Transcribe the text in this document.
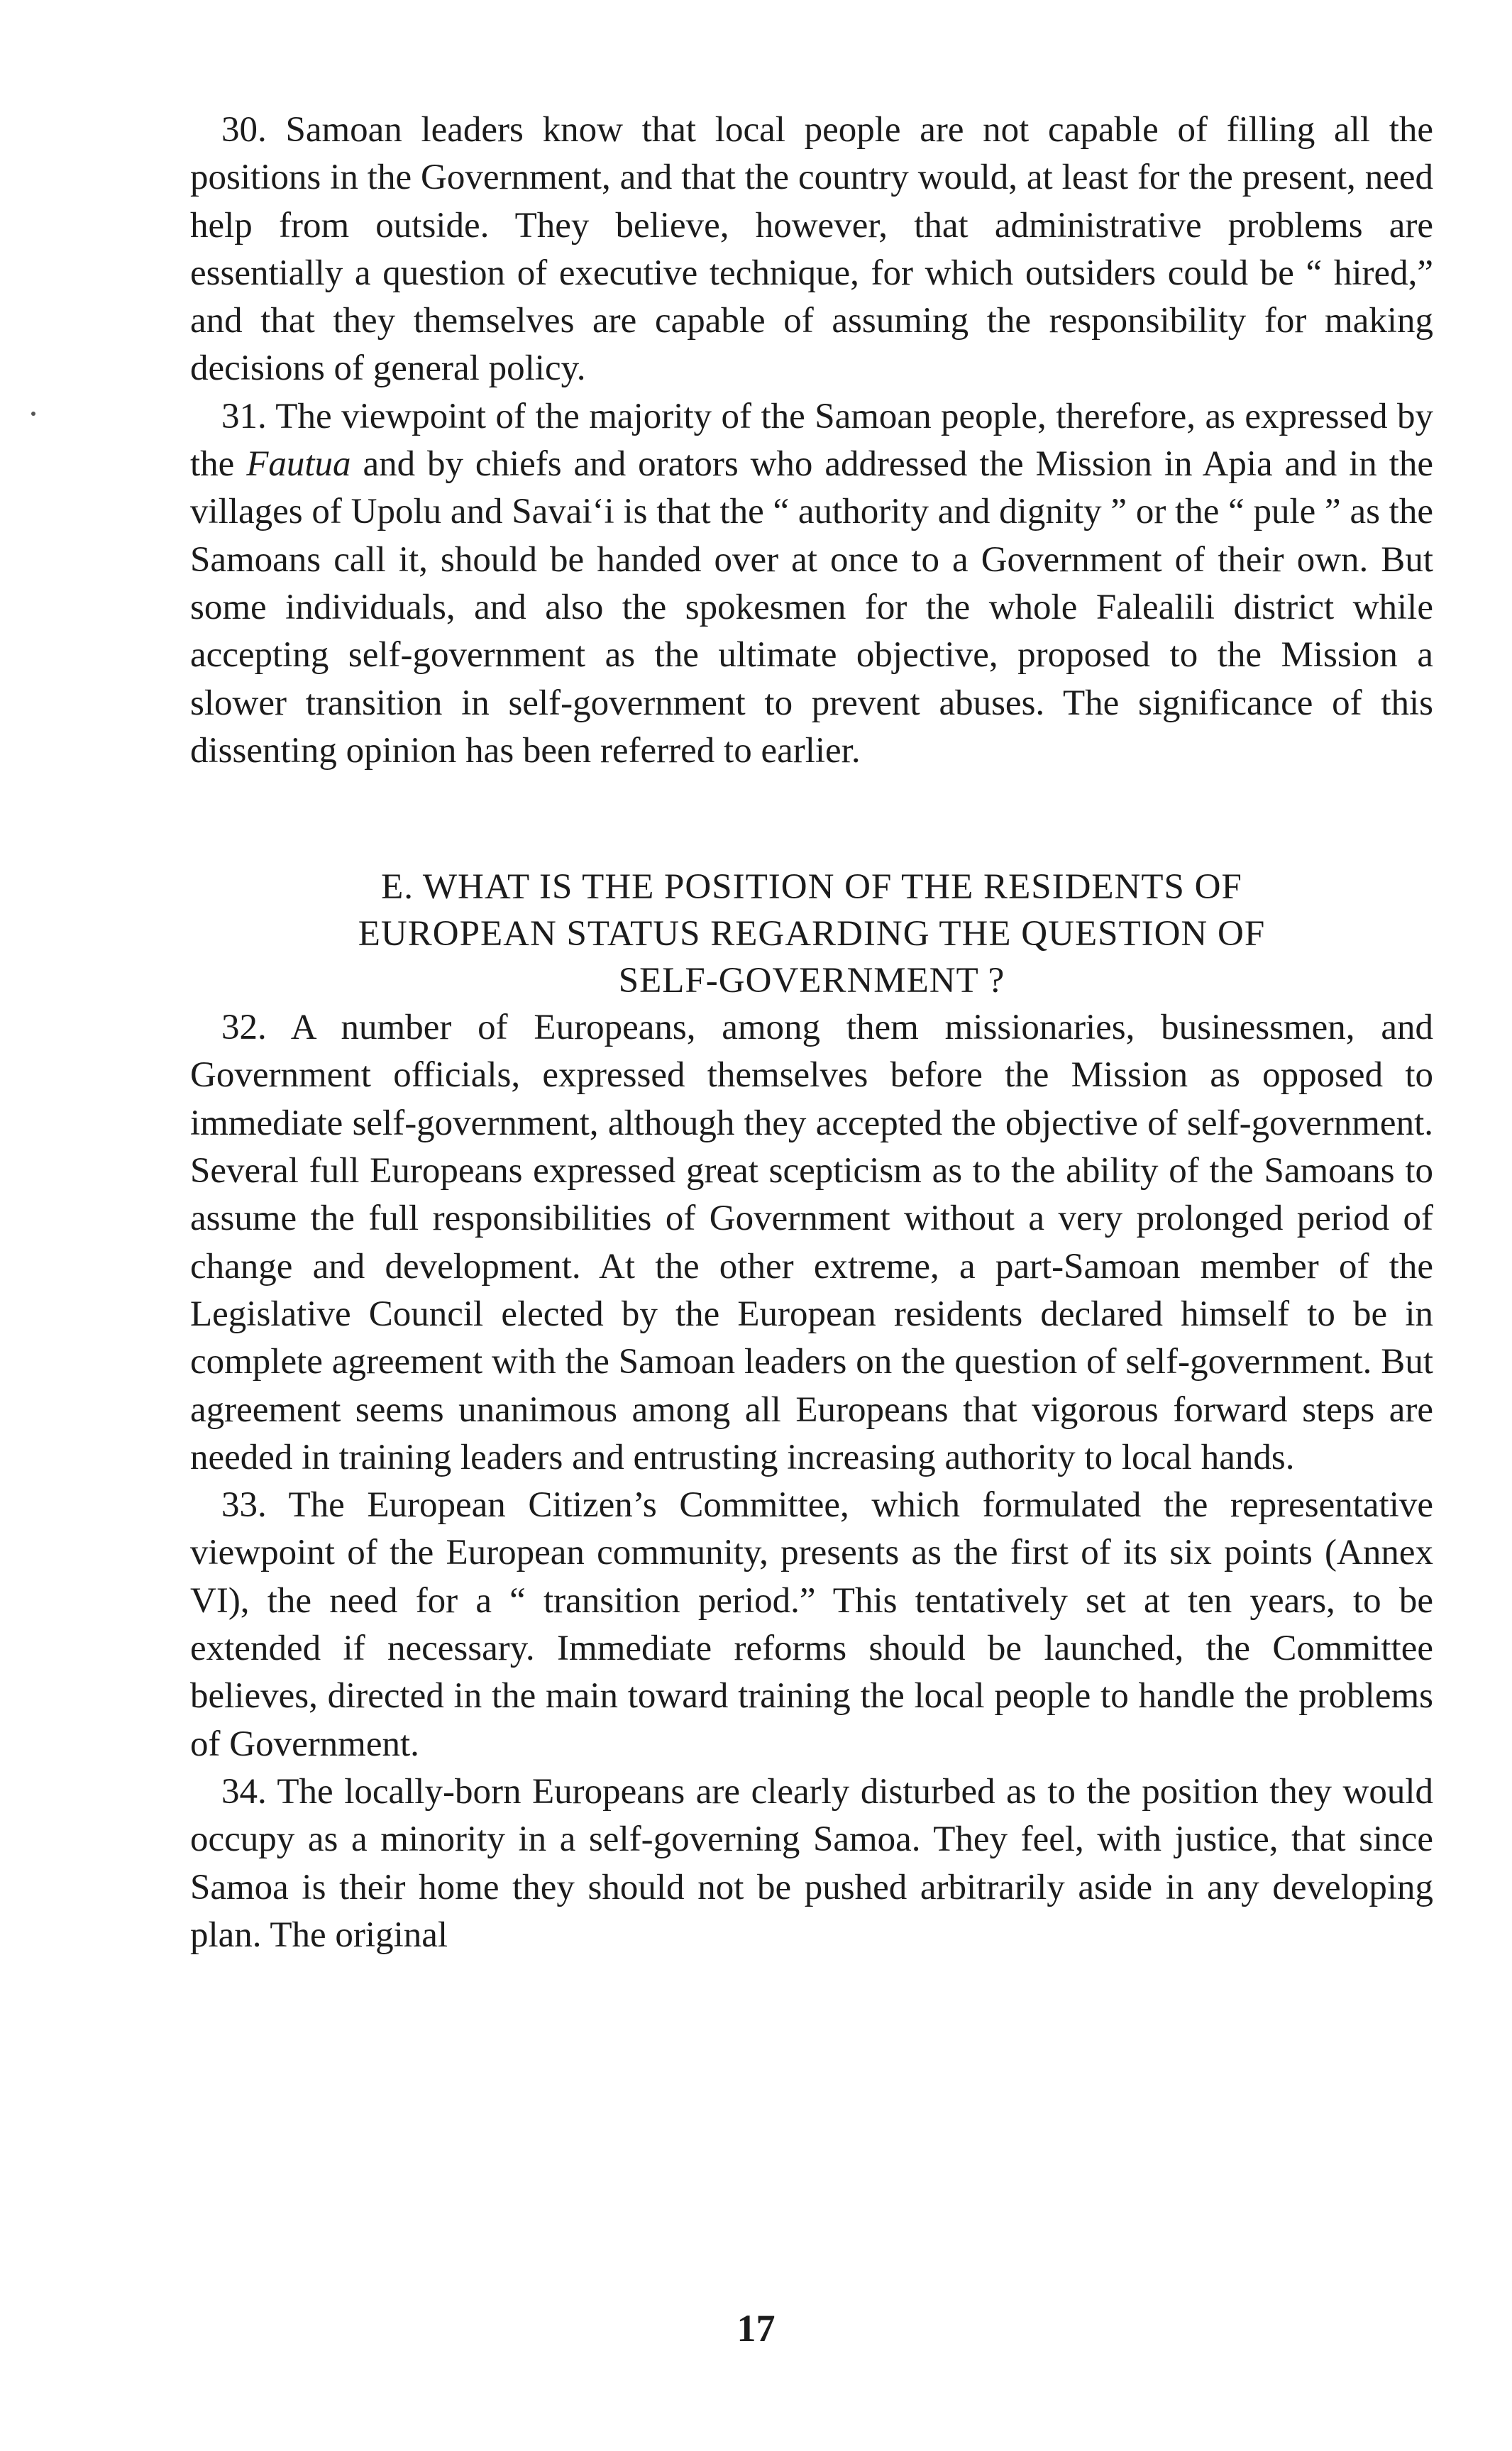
30. Samoan leaders know that local people are not capable of filling all the positions in the Government, and that the country would, at least for the present, need help from outside. They believe, however, that administrative problems are essentially a question of executive technique, for which outsiders could be “ hired,” and that they themselves are capable of assuming the responsibility for making decisions of general policy.

31. The viewpoint of the majority of the Samoan people, therefore, as expressed by the Fautua and by chiefs and orators who addressed the Mission in Apia and in the villages of Upolu and Savai‘i is that the “ authority and dignity ” or the “ pule ” as the Samoans call it, should be handed over at once to a Government of their own. But some individuals, and also the spokesmen for the whole Falealili district while accepting self-government as the ultimate objective, proposed to the Mission a slower transition in self-government to prevent abuses. The significance of this dissenting opinion has been referred to earlier.

E. WHAT IS THE POSITION OF THE RESIDENTS OF
EUROPEAN STATUS REGARDING THE QUESTION OF
SELF-GOVERNMENT ?

32. A number of Europeans, among them missionaries, businessmen, and Government officials, expressed themselves before the Mission as opposed to immediate self-government, although they accepted the objective of self-government. Several full Europeans expressed great scepticism as to the ability of the Samoans to assume the full responsibilities of Government without a very prolonged period of change and development. At the other extreme, a part-Samoan member of the Legislative Council elected by the European residents declared himself to be in complete agreement with the Samoan leaders on the question of self-government. But agreement seems unanimous among all Europeans that vigorous forward steps are needed in training leaders and entrusting increasing authority to local hands.

33. The European Citizen’s Committee, which formulated the representative viewpoint of the European community, presents as the first of its six points (Annex VI), the need for a “ transition period.” This tentatively set at ten years, to be extended if necessary. Immediate reforms should be launched, the Committee believes, directed in the main toward training the local people to handle the problems of Government.

34. The locally-born Europeans are clearly disturbed as to the position they would occupy as a minority in a self-governing Samoa. They feel, with justice, that since Samoa is their home they should not be pushed arbitrarily aside in any developing plan. The original

17
